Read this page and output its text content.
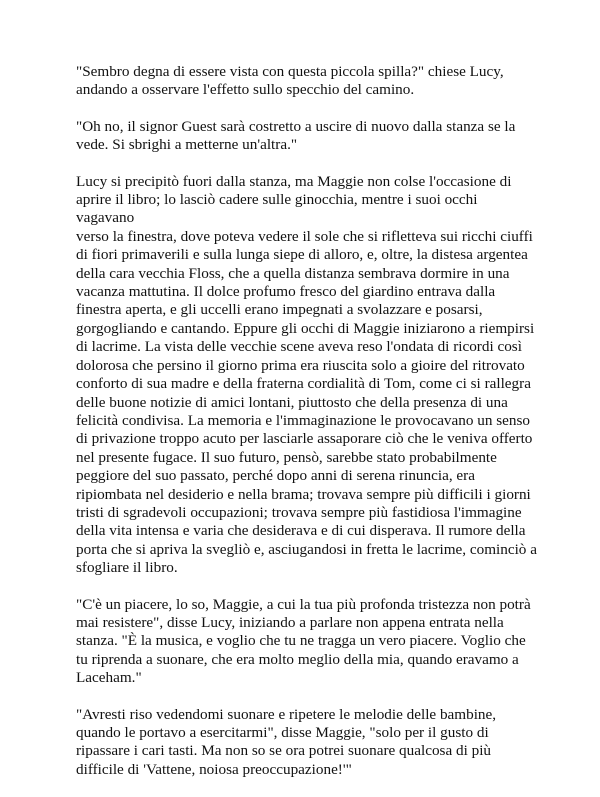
"Sembro degna di essere vista con questa piccola spilla?" chiese Lucy,
andando a osservare l'effetto sullo specchio del camino.

"Oh no, il signor Guest sarà costretto a uscire di nuovo dalla stanza se la
vede. Si sbrighi a metterne un'altra."

Lucy si precipitò fuori dalla stanza, ma Maggie non colse l'occasione di
aprire il libro; lo lasciò cadere sulle ginocchia, mentre i suoi occhi vagavano
verso la finestra, dove poteva vedere il sole che si rifletteva sui ricchi ciuffi
di fiori primaverili e sulla lunga siepe di alloro, e, oltre, la distesa argentea
della cara vecchia Floss, che a quella distanza sembrava dormire in una
vacanza mattutina. Il dolce profumo fresco del giardino entrava dalla
finestra aperta, e gli uccelli erano impegnati a svolazzare e posarsi,
gorgogliando e cantando. Eppure gli occhi di Maggie iniziarono a riempirsi
di lacrime. La vista delle vecchie scene aveva reso l'ondata di ricordi così
dolorosa che persino il giorno prima era riuscita solo a gioire del ritrovato
conforto di sua madre e della fraterna cordialità di Tom, come ci si rallegra
delle buone notizie di amici lontani, piuttosto che della presenza di una
felicità condivisa. La memoria e l'immaginazione le provocavano un senso
di privazione troppo acuto per lasciarle assaporare ciò che le veniva offerto
nel presente fugace. Il suo futuro, pensò, sarebbe stato probabilmente
peggiore del suo passato, perché dopo anni di serena rinuncia, era
ripiombata nel desiderio e nella brama; trovava sempre più difficili i giorni
tristi di sgradevoli occupazioni; trovava sempre più fastidiosa l'immagine
della vita intensa e varia che desiderava e di cui disperava. Il rumore della
porta che si apriva la svegliò e, asciugandosi in fretta le lacrime, cominciò a
sfogliare il libro.

"C'è un piacere, lo so, Maggie, a cui la tua più profonda tristezza non potrà
mai resistere", disse Lucy, iniziando a parlare non appena entrata nella
stanza. "È la musica, e voglio che tu ne tragga un vero piacere. Voglio che
tu riprenda a suonare, che era molto meglio della mia, quando eravamo a
Laceham."

"Avresti riso vedendomi suonare e ripetere le melodie delle bambine,
quando le portavo a esercitarmi", disse Maggie, "solo per il gusto di
ripassare i cari tasti. Ma non so se ora potrei suonare qualcosa di più
difficile di 'Vattene, noiosa preoccupazione!'"
